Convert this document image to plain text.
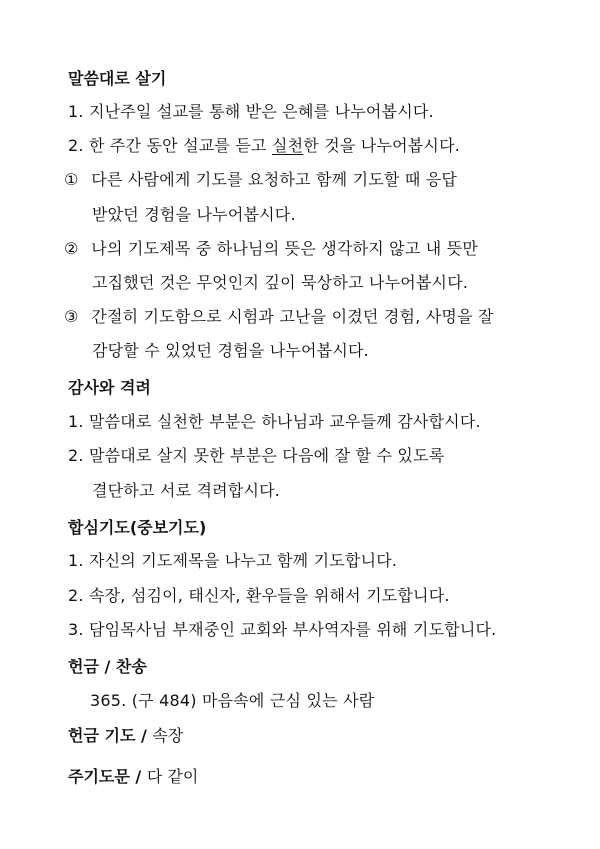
말씀대로 살기
1. 지난주일 설교를 통해 받은 은혜를 나누어봅시다.
2. 한 주간 동안 설교를 듣고 실천한 것을 나누어봅시다.
① 다른 사람에게 기도를 요청하고 함께 기도할 때 응답
받았던 경험을 나누어봅시다.
② 나의 기도제목 중 하나님의 뜻은 생각하지 않고 내 뜻만
고집했던 것은 무엇인지 깊이 묵상하고 나누어봅시다.
③ 간절히 기도함으로 시험과 고난을 이겼던 경험, 사명을 잘
감당할 수 있었던 경험을 나누어봅시다.
감사와 격려
1. 말씀대로 실천한 부분은 하나님과 교우들께 감사합시다.
2. 말씀대로 살지 못한 부분은 다음에 잘 할 수 있도록
결단하고 서로 격려합시다.
합심기도(중보기도)
1. 자신의 기도제목을 나누고 함께 기도합니다.
2. 속장, 섬김이, 태신자, 환우들을 위해서 기도합니다.
3. 담임목사님 부재중인 교회와 부사역자를 위해 기도합니다.
헌금 / 찬송
365. (구 484) 마음속에 근심 있는 사람
헌금 기도 / 속장
주기도문 / 다 같이
